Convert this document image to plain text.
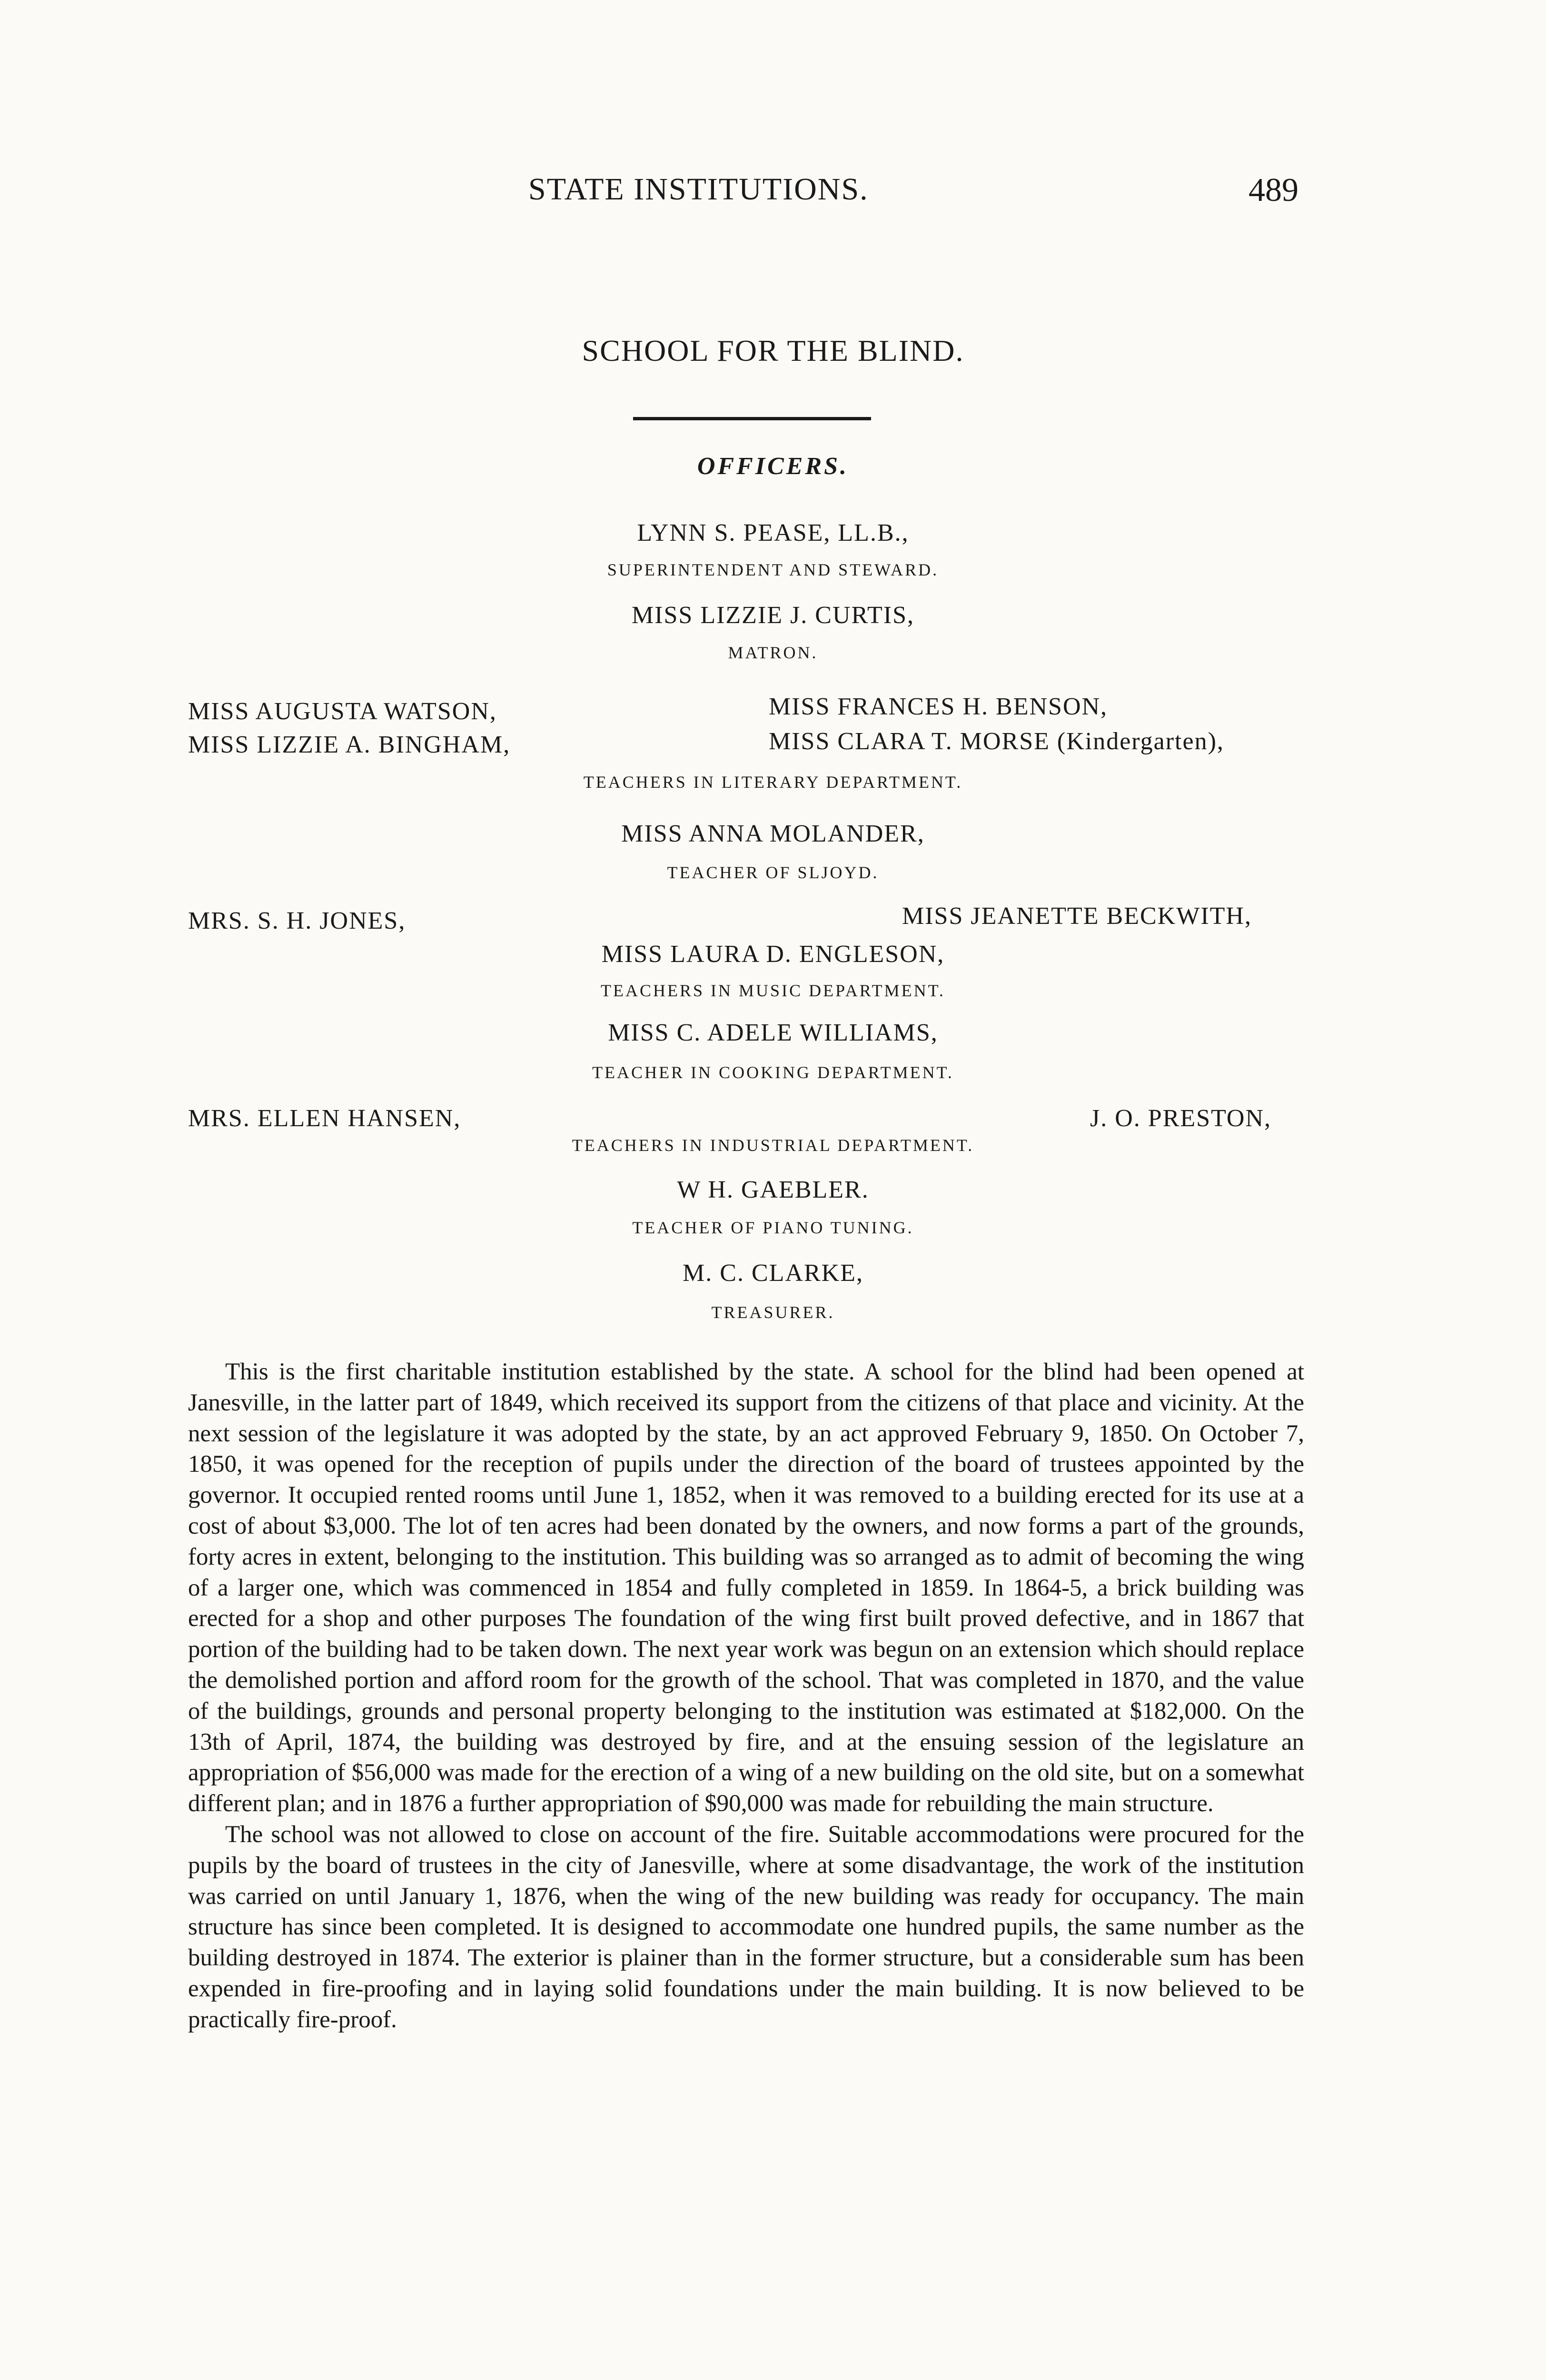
STATE INSTITUTIONS.	489
SCHOOL FOR THE BLIND.
OFFICERS.
LYNN S. PEASE, LL.B.,
SUPERINTENDENT AND STEWARD.
MISS LIZZIE J. CURTIS,
MATRON.
MISS AUGUSTA WATSON,	MISS FRANCES H. BENSON,
MISS LIZZIE A. BINGHAM,	MISS CLARA T. MORSE (Kindergarten),
TEACHERS IN LITERARY DEPARTMENT.
MISS ANNA MOLANDER,
TEACHER OF SLJOYD.
MRS. S. H. JONES,	MISS JEANETTE BECKWITH,
MISS LAURA D. ENGLESON,
TEACHERS IN MUSIC DEPARTMENT.
MISS C. ADELE WILLIAMS,
TEACHER IN COOKING DEPARTMENT.
MRS. ELLEN HANSEN,	J. O. PRESTON,
TEACHERS IN INDUSTRIAL DEPARTMENT.
W H. GAEBLER.
TEACHER OF PIANO TUNING.
M. C. CLARKE,
TREASURER.

This is the first charitable institution established by the state. A school for the blind had been opened at Janesville, in the latter part of 1849, which received its support from the citizens of that place and vicinity. At the next session of the legislature it was adopted by the state, by an act approved February 9, 1850. On October 7, 1850, it was opened for the reception of pupils under the direction of the board of trustees appointed by the governor. It occupied rented rooms until June 1, 1852, when it was removed to a building erected for its use at a cost of about $3,000. The lot of ten acres had been donated by the owners, and now forms a part of the grounds, forty acres in extent, belonging to the institution. This building was so arranged as to admit of becoming the wing of a larger one, which was commenced in 1854 and fully completed in 1859. In 1864-5, a brick building was erected for a shop and other purposes The foundation of the wing first built proved defective, and in 1867 that portion of the building had to be taken down. The next year work was begun on an extension which should replace the demolished portion and afford room for the growth of the school. That was completed in 1870, and the value of the buildings, grounds and personal property belonging to the institution was estimated at $182,000. On the 13th of April, 1874, the building was destroyed by fire, and at the ensuing session of the legislature an appropriation of $56,000 was made for the erection of a wing of a new building on the old site, but on a somewhat different plan; and in 1876 a further appropriation of $90,000 was made for rebuilding the main structure.

The school was not allowed to close on account of the fire. Suitable accommodations were procured for the pupils by the board of trustees in the city of Janesville, where at some disadvantage, the work of the institution was carried on until January 1, 1876, when the wing of the new building was ready for occupancy. The main structure has since been completed. It is designed to accommodate one hundred pupils, the same number as the building destroyed in 1874. The exterior is plainer than in the former structure, but a considerable sum has been expended in fire-proofing and in laying solid foundations under the main building. It is now believed to be practically fire-proof.
